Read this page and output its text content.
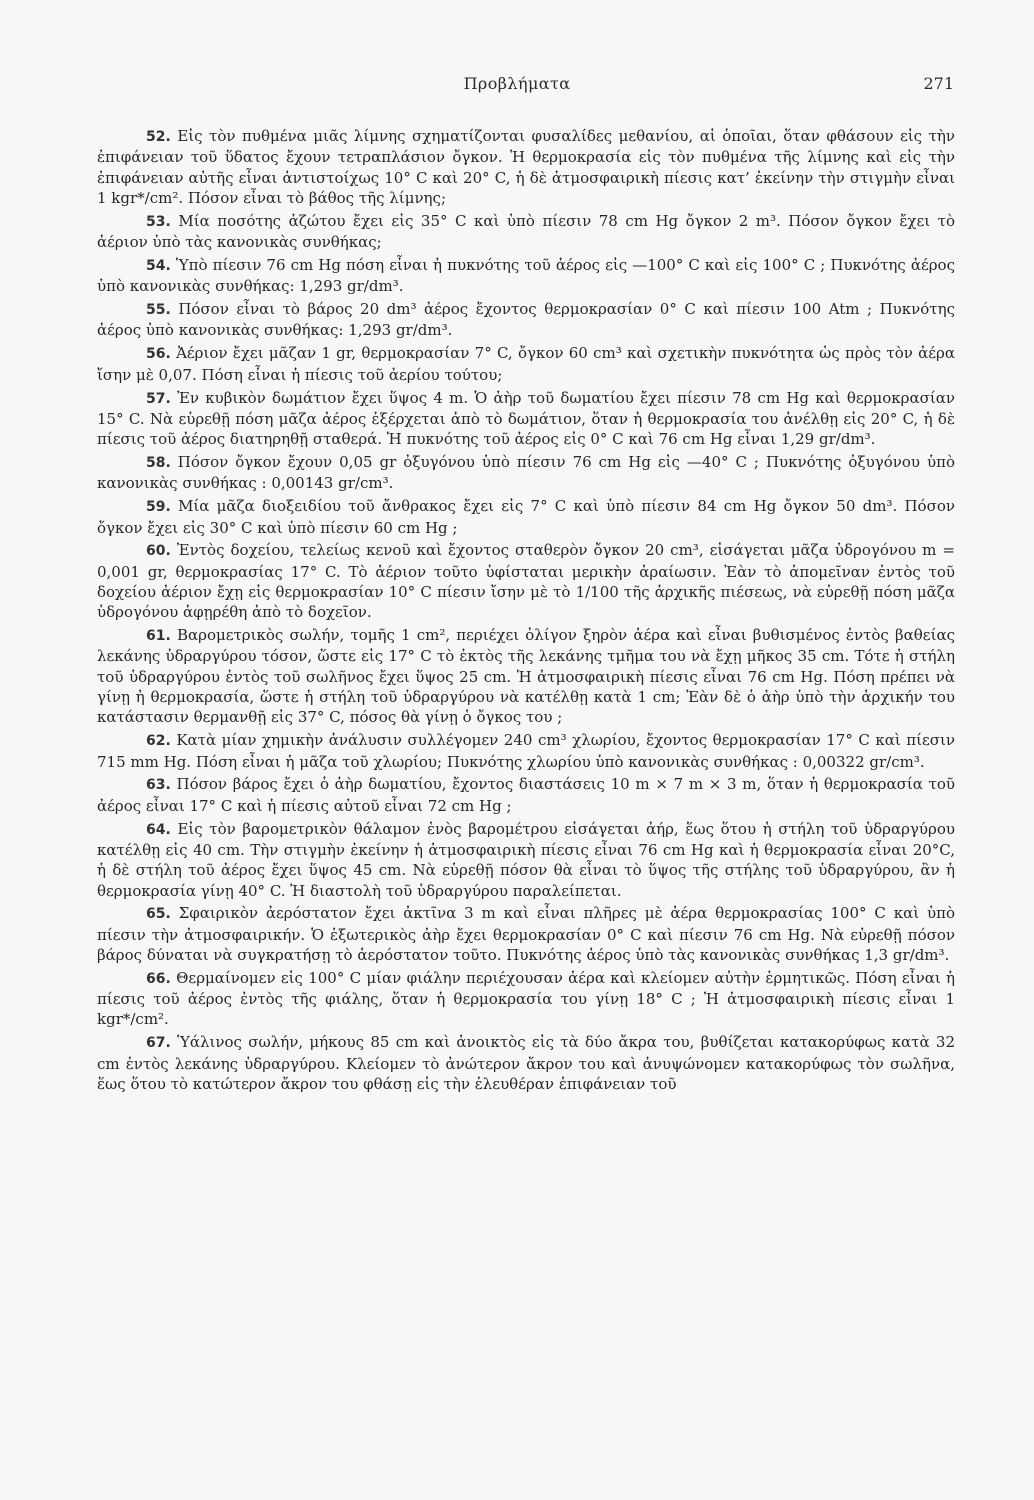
Προβλήματα	271

52. Εἰς τὸν πυθμένα μιᾶς λίμνης σχηματίζονται φυσαλίδες μεθανίου, αἱ ὁποῖαι, ὅταν φθάσουν εἰς τὴν ἐπιφάνειαν τοῦ ὕδατος ἔχουν τετραπλάσιον ὄγκον. Ἡ θερμοκρασία εἰς τὸν πυθμένα τῆς λίμνης καὶ εἰς τὴν ἐπιφάνειαν αὐτῆς εἶναι ἀντιστοίχως 10° C καὶ 20° C, ἡ δὲ ἀτμοσφαιρικὴ πίεσις κατ’ ἐκείνην τὴν στιγμὴν εἶναι 1 kgr*/cm². Πόσον εἶναι τὸ βάθος τῆς λίμνης;

53. Μία ποσότης ἀζώτου ἔχει εἰς 35° C καὶ ὑπὸ πίεσιν 78 cm Hg ὄγκον 2 m³. Πόσον ὄγκον ἔχει τὸ ἀέριον ὑπὸ τὰς κανονικὰς συνθήκας;

54. Ὑπὸ πίεσιν 76 cm Hg πόση εἶναι ἡ πυκνότης τοῦ ἀέρος εἰς —100° C καὶ εἰς 100° C ; Πυκνότης ἀέρος ὑπὸ κανονικὰς συνθήκας: 1,293 gr/dm³.

55. Πόσον εἶναι τὸ βάρος 20 dm³ ἀέρος ἔχοντος θερμοκρασίαν 0° C καὶ πίεσιν 100 Atm ; Πυκνότης ἀέρος ὑπὸ κανονικὰς συνθήκας: 1,293 gr/dm³.

56. Ἀέριον ἔχει μᾶζαν 1 gr, θερμοκρασίαν 7° C, ὄγκον 60 cm³ καὶ σχετικὴν πυκνότητα ὡς πρὸς τὸν ἀέρα ἴσην μὲ 0,07. Πόση εἶναι ἡ πίεσις τοῦ ἀερίου τούτου;

57. Ἐν κυβικὸν δωμάτιον ἔχει ὕψος 4 m. Ὁ ἀὴρ τοῦ δωματίου ἔχει πίεσιν 78 cm Hg καὶ θερμοκρασίαν 15° C. Νὰ εὑρεθῇ πόση μᾶζα ἀέρος ἐξέρχεται ἀπὸ τὸ δωμάτιον, ὅταν ἡ θερμοκρασία του ἀνέλθῃ εἰς 20° C, ἡ δὲ πίεσις τοῦ ἀέρος διατηρηθῇ σταθερά. Ἡ πυκνότης τοῦ ἀέρος εἰς 0° C καὶ 76 cm Hg εἶναι 1,29 gr/dm³.

58. Πόσον ὄγκον ἔχουν 0,05 gr ὀξυγόνου ὑπὸ πίεσιν 76 cm Hg εἰς —40° C ; Πυκνότης ὀξυγόνου ὑπὸ κανονικὰς συνθήκας : 0,00143 gr/cm³.

59. Μία μᾶζα διοξειδίου τοῦ ἄνθρακος ἔχει εἰς 7° C καὶ ὑπὸ πίεσιν 84 cm Hg ὄγκον 50 dm³. Πόσον ὄγκον ἔχει εἰς 30° C καὶ ὑπὸ πίεσιν 60 cm Hg ;

60. Ἐντὸς δοχείου, τελείως κενοῦ καὶ ἔχοντος σταθερὸν ὄγκον 20 cm³, εἰσάγεται μᾶζα ὑδρογόνου m = 0,001 gr, θερμοκρασίας 17° C. Τὸ ἀέριον τοῦτο ὑφίσταται μερικὴν ἀραίωσιν. Ἐὰν τὸ ἀπομεῖναν ἐντὸς τοῦ δοχείου ἀέριον ἔχῃ εἰς θερμοκρασίαν 10° C πίεσιν ἴσην μὲ τὸ 1/100 τῆς ἀρχικῆς πιέσεως, νὰ εὑρεθῇ πόση μᾶζα ὑδρογόνου ἀφῃρέθη ἀπὸ τὸ δοχεῖον.

61. Βαρομετρικὸς σωλήν, τομῆς 1 cm², περιέχει ὀλίγον ξηρὸν ἀέρα καὶ εἶναι βυθισμένος ἐντὸς βαθείας λεκάνης ὑδραργύρου τόσον, ὥστε εἰς 17° C τὸ ἐκτὸς τῆς λεκάνης τμῆμα του νὰ ἔχῃ μῆκος 35 cm. Τότε ἡ στήλη τοῦ ὑδραργύρου ἐντὸς τοῦ σωλῆνος ἔχει ὕψος 25 cm. Ἡ ἀτμοσφαιρικὴ πίεσις εἶναι 76 cm Hg. Πόση πρέπει νὰ γίνῃ ἡ θερμοκρασία, ὥστε ἡ στήλη τοῦ ὑδραργύρου νὰ κατέλθῃ κατὰ 1 cm; Ἐὰν δὲ ὁ ἀὴρ ὑπὸ τὴν ἀρχικήν του κατάστασιν θερμανθῇ εἰς 37° C, πόσος θὰ γίνῃ ὁ ὄγκος του ;

62. Κατὰ μίαν χημικὴν ἀνάλυσιν συλλέγομεν 240 cm³ χλωρίου, ἔχοντος θερμοκρασίαν 17° C καὶ πίεσιν 715 mm Hg. Πόση εἶναι ἡ μᾶζα τοῦ χλωρίου; Πυκνότης χλωρίου ὑπὸ κανονικὰς συνθήκας : 0,00322 gr/cm³.

63. Πόσον βάρος ἔχει ὁ ἀὴρ δωματίου, ἔχοντος διαστάσεις 10 m × 7 m × 3 m, ὅταν ἡ θερμοκρασία τοῦ ἀέρος εἶναι 17° C καὶ ἡ πίεσις αὐτοῦ εἶναι 72 cm Hg ;

64. Εἰς τὸν βαρομετρικὸν θάλαμον ἑνὸς βαρομέτρου εἰσάγεται ἀήρ, ἕως ὅτου ἡ στήλη τοῦ ὑδραργύρου κατέλθῃ εἰς 40 cm. Τὴν στιγμὴν ἐκείνην ἡ ἀτμοσφαιρικὴ πίεσις εἶναι 76 cm Hg καὶ ἡ θερμοκρασία εἶναι 20°C, ἡ δὲ στήλη τοῦ ἀέρος ἔχει ὕψος 45 cm. Νὰ εὑρεθῇ πόσον θὰ εἶναι τὸ ὕψος τῆς στήλης τοῦ ὑδραργύρου, ἂν ἡ θερμοκρασία γίνῃ 40° C. Ἡ διαστολὴ τοῦ ὑδραργύρου παραλείπεται.

65. Σφαιρικὸν ἀερόστατον ἔχει ἀκτῖνα 3 m καὶ εἶναι πλῆρες μὲ ἀέρα θερμοκρασίας 100° C καὶ ὑπὸ πίεσιν τὴν ἀτμοσφαιρικήν. Ὁ ἐξωτερικὸς ἀὴρ ἔχει θερμοκρασίαν 0° C καὶ πίεσιν 76 cm Hg. Νὰ εὑρεθῇ πόσον βάρος δύναται νὰ συγκρατήσῃ τὸ ἀερόστατον τοῦτο. Πυκνότης ἀέρος ὑπὸ τὰς κανονικὰς συνθήκας 1,3 gr/dm³.

66. Θερμαίνομεν εἰς 100° C μίαν φιάλην περιέχουσαν ἀέρα καὶ κλείομεν αὐτὴν ἑρμητικῶς. Πόση εἶναι ἡ πίεσις τοῦ ἀέρος ἐντὸς τῆς φιάλης, ὅταν ἡ θερμοκρασία του γίνῃ 18° C ; Ἡ ἀτμοσφαιρικὴ πίεσις εἶναι 1 kgr*/cm².

67. Ὑάλινος σωλήν, μήκους 85 cm καὶ ἀνοικτὸς εἰς τὰ δύο ἄκρα του, βυθίζεται κατακορύφως κατὰ 32 cm ἐντὸς λεκάνης ὑδραργύρου. Κλείομεν τὸ ἀνώτερον ἄκρον του καὶ ἀνυψώνομεν κατακορύφως τὸν σωλῆνα, ἕως ὅτου τὸ κατώτερον ἄκρον του φθάσῃ εἰς τὴν ἐλευθέραν ἐπιφάνειαν τοῦ
